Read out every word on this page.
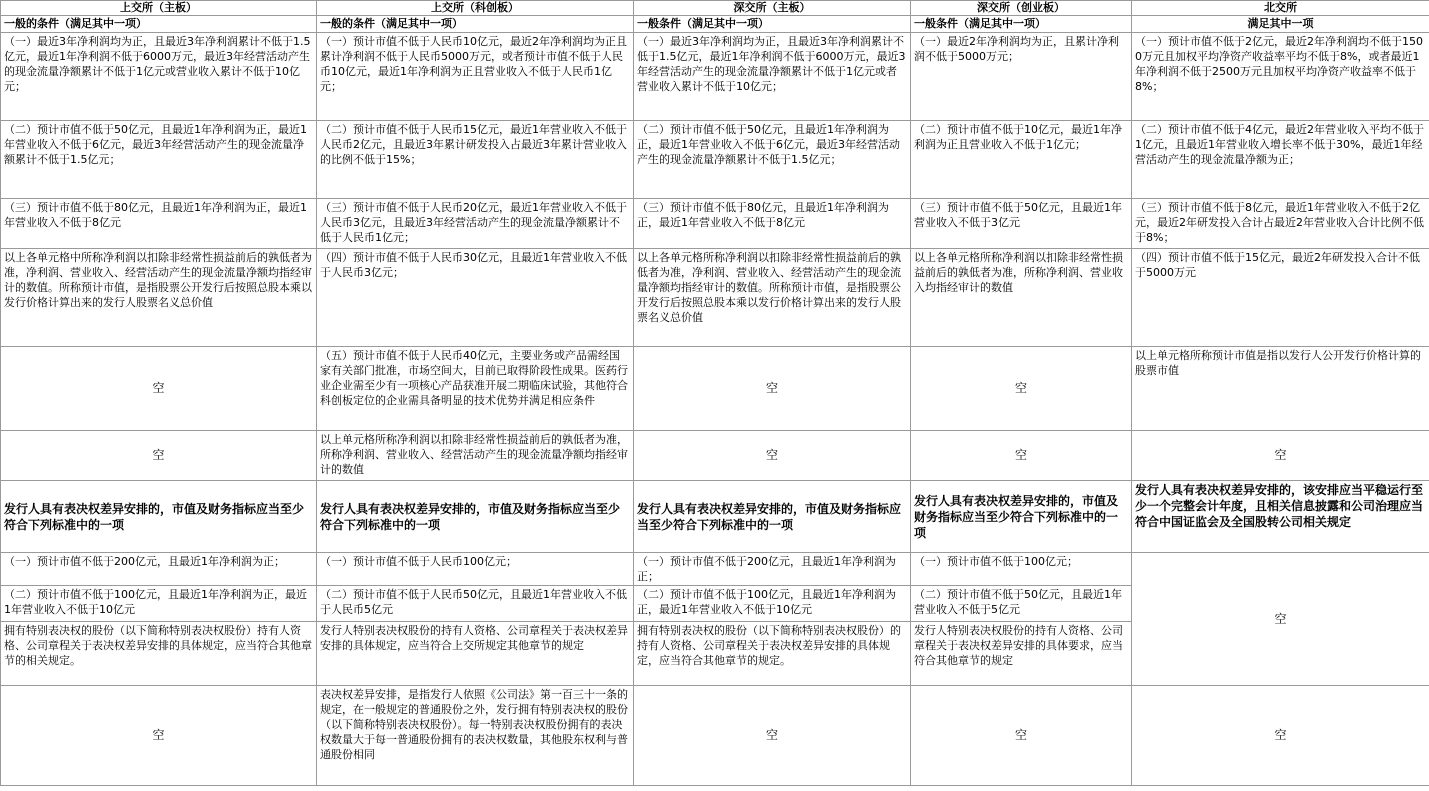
上交所（主板）	上交所（科创板）	深交所（主板）	深交所（创业板）	北交所
一般的条件（满足其中一项）	一般的条件（满足其中一项）	一般条件（满足其中一项）	一般条件（满足其中一项）	满足其中一项
（一）最近3年净利润均为正，且最近3年净利润累计不低于1.5亿元，最近1年净利润不低于6000万元，最近3年经营活动产生的现金流量净额累计不低于1亿元或营业收入累计不低于10亿元；	（一）预计市值不低于人民币10亿元，最近2年净利润均为正且累计净利润不低于人民币5000万元，或者预计市值不低于人民币10亿元，最近1年净利润为正且营业收入不低于人民币1亿元；	（一）最近3年净利润均为正，且最近3年净利润累计不低于1.5亿元，最近1年净利润不低于6000万元，最近3年经营活动产生的现金流量净额累计不低于1亿元或者营业收入累计不低于10亿元；	（一）最近2年净利润均为正，且累计净利润不低于5000万元；	（一）预计市值不低于2亿元，最近2年净利润均不低于1500万元且加权平均净资产收益率平均不低于8%，或者最近1年净利润不低于2500万元且加权平均净资产收益率不低于8%；
（二）预计市值不低于50亿元，且最近1年净利润为正，最近1年营业收入不低于6亿元，最近3年经营活动产生的现金流量净额累计不低于1.5亿元；	（二）预计市值不低于人民币15亿元，最近1年营业收入不低于人民币2亿元，且最近3年累计研发投入占最近3年累计营业收入的比例不低于15%；	（二）预计市值不低于50亿元，且最近1年净利润为正，最近1年营业收入不低于6亿元，最近3年经营活动产生的现金流量净额累计不低于1.5亿元；	（二）预计市值不低于10亿元，最近1年净利润为正且营业收入不低于1亿元；	（二）预计市值不低于4亿元，最近2年营业收入平均不低于1亿元，且最近1年营业收入增长率不低于30%，最近1年经营活动产生的现金流量净额为正；
（三）预计市值不低于80亿元，且最近1年净利润为正，最近1年营业收入不低于8亿元	（三）预计市值不低于人民币20亿元，最近1年营业收入不低于人民币3亿元，且最近3年经营活动产生的现金流量净额累计不低于人民币1亿元；	（三）预计市值不低于80亿元，且最近1年净利润为正，最近1年营业收入不低于8亿元	（三）预计市值不低于50亿元，且最近1年营业收入不低于3亿元	（三）预计市值不低于8亿元，最近1年营业收入不低于2亿元，最近2年研发投入合计占最近2年营业收入合计比例不低于8%；
以上各单元格中所称净利润以扣除非经常性损益前后的孰低者为准，净利润、营业收入、经营活动产生的现金流量净额均指经审计的数值。所称预计市值，是指股票公开发行后按照总股本乘以发行价格计算出来的发行人股票名义总价值	（四）预计市值不低于人民币30亿元，且最近1年营业收入不低于人民币3亿元；	以上各单元格所称净利润以扣除非经常性损益前后的孰低者为准，净利润、营业收入、经营活动产生的现金流量净额均指经审计的数值。所称预计市值，是指股票公开发行后按照总股本乘以发行价格计算出来的发行人股票名义总价值	以上各单元格所称净利润以扣除非经常性损益前后的孰低者为准，所称净利润、营业收入均指经审计的数值	（四）预计市值不低于15亿元，最近2年研发投入合计不低于5000万元
空	（五）预计市值不低于人民币40亿元，主要业务或产品需经国家有关部门批准，市场空间大，目前已取得阶段性成果。医药行业企业需至少有一项核心产品获准开展二期临床试验，其他符合科创板定位的企业需具备明显的技术优势并满足相应条件	空	空	以上单元格所称预计市值是指以发行人公开发行价格计算的股票市值
空	以上单元格所称净利润以扣除非经常性损益前后的孰低者为准，所称净利润、营业收入、经营活动产生的现金流量净额均指经审计的数值	空	空	空
发行人具有表决权差异安排的，市值及财务指标应当至少符合下列标准中的一项	发行人具有表决权差异安排的，市值及财务指标应当至少符合下列标准中的一项	发行人具有表决权差异安排的，市值及财务指标应当至少符合下列标准中的一项	发行人具有表决权差异安排的，市值及财务指标应当至少符合下列标准中的一项	发行人具有表决权差异安排的，该安排应当平稳运行至少一个完整会计年度，且相关信息披露和公司治理应当符合中国证监会及全国股转公司相关规定
（一）预计市值不低于200亿元，且最近1年净利润为正；	（一）预计市值不低于人民币100亿元；	（一）预计市值不低于200亿元，且最近1年净利润为正；	（一）预计市值不低于100亿元；	空
（二）预计市值不低于100亿元，且最近1年净利润为正，最近1年营业收入不低于10亿元	（二）预计市值不低于人民币50亿元，且最近1年营业收入不低于人民币5亿元	（二）预计市值不低于100亿元，且最近1年净利润为正，最近1年营业收入不低于10亿元	（二）预计市值不低于50亿元，且最近1年营业收入不低于5亿元	
拥有特别表决权的股份（以下简称特别表决权股份）持有人资格、公司章程关于表决权差异安排的具体规定，应当符合其他章节的相关规定。	发行人特别表决权股份的持有人资格、公司章程关于表决权差异安排的具体规定，应当符合上交所规定其他章节的规定	拥有特别表决权的股份（以下简称特别表决权股份）的持有人资格、公司章程关于表决权差异安排的具体规定，应当符合其他章节的规定。	发行人特别表决权股份的持有人资格、公司章程关于表决权差异安排的具体要求，应当符合其他章节的规定	
空	表决权差异安排，是指发行人依照《公司法》第一百三十一条的规定，在一般规定的普通股份之外，发行拥有特别表决权的股份（以下简称特别表决权股份）。每一特别表决权股份拥有的表决权数量大于每一普通股份拥有的表决权数量，其他股东权利与普通股份相同	空	空	空
